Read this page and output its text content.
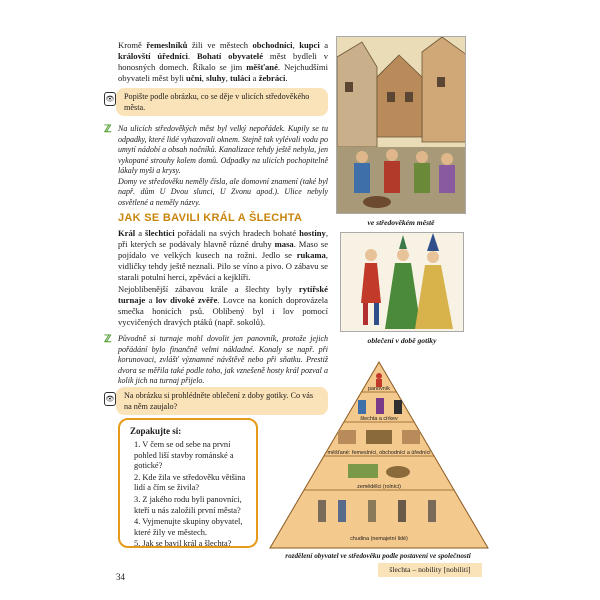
Kromě řemeslníků žili ve městech obchodníci, kupci a královští úředníci. Bohatí obyvatelé měst bydleli v honosných domech. Říkalo se jim měšťané. Nejchudšími obyvateli měst byli učni, sluhy, tuláci a žebráci.

👁	Popište podle obrázku, co se děje v ulicích středověkého města.
ℤ Na ulicích středověkých měst byl velký nepořádek. Kupily se tu odpadky, které lidé vyhazovali oknem. Stejně tak vylévali vodu po umytí nádobí a obsah nočníků. Kanalizace tehdy ještě nebyla, jen vykopané strouhy kolem domů. Odpadky na ulicích pochopitelně lákaly myši a krysy.

Domy ve středověku neměly čísla, ale domovní znamení (také byl např. dům U Dvou slunci, U Zvonu apod.). Ulice nebyly osvětlené a neměly názvy.

JAK SE BAVILI KRÁL A ŠLECHTA

Král a šlechtici pořádali na svých hradech bohaté hostiny, při kterých se podávaly hlavně různé druhy masa. Maso se pojídalo ve velkých kusech na rožni. Jedlo se rukama, vidličky tehdy ještě neznali. Pilo se víno a pivo. O zábavu se starali potulní herci, zpěváci a kejklíři.

Nejoblíbenější zábavou krále a šlechty byly rytířské turnaje a lov divoké zvěře. Lovce na koních doprovázela smečka honicích psů. Oblíbený byl i lov pomocí vycvičených dravých ptáků (např. sokolů).

ℤ Původně si turnaje mohl dovolit jen panovník, protože jejich pořádání bylo finančně velmi nákladné. Konaly se např. při korunovaci, zvlášť významné návštěvě nebo při sňatku. Prestiž dvora se měřila také podle toho, jak vznešeně hosty král pozval a kolik jich na turnaj přijelo.

👁	Na obrázku si prohlédněte oblečení z doby gotiky. Co vás na něm zaujalo?
Zopakujte si:
1. V čem se od sebe na první pohled liší stavby románské a gotické?
2. Kde žila ve středověku většina lidí a čím se živila?
3. Z jakého rodu byli panovníci, kteří u nás založili první města?
4. Vyjmenujte skupiny obyvatel, které žily ve městech.
5. Jak se bavil král a šlechta?
ve středověkém městě
oblečení v době gotiky
panovník
šlechta a církev
měšťané: řemeslníci, obchodníci a úředníci
zemědělci (rolníci)
chudina (nemajetní lidé)
rozdělení obyvatel ve středověku podle postavení ve společnosti
34
šlechta – nobility [nobiliti]
